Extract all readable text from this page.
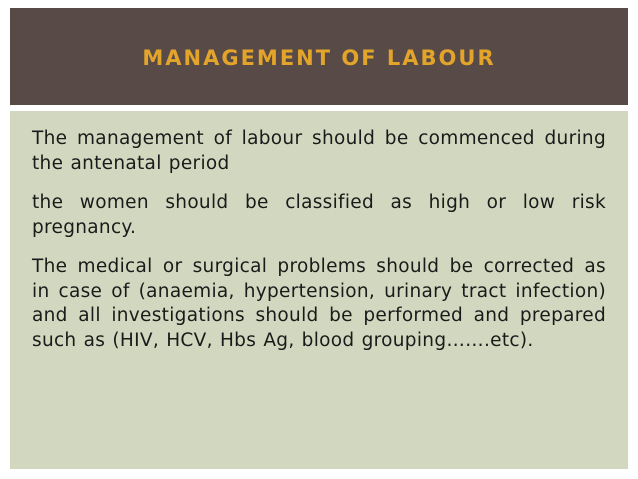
MANAGEMENT OF LABOUR

The management of labour should be commenced during the antenatal period

the women should be classified as high or low risk pregnancy.

The medical or surgical problems should be corrected as in case of (anaemia, hypertension, urinary tract infection) and all investigations should be performed and prepared such as (HIV, HCV, Hbs Ag, blood grouping…….etc).
